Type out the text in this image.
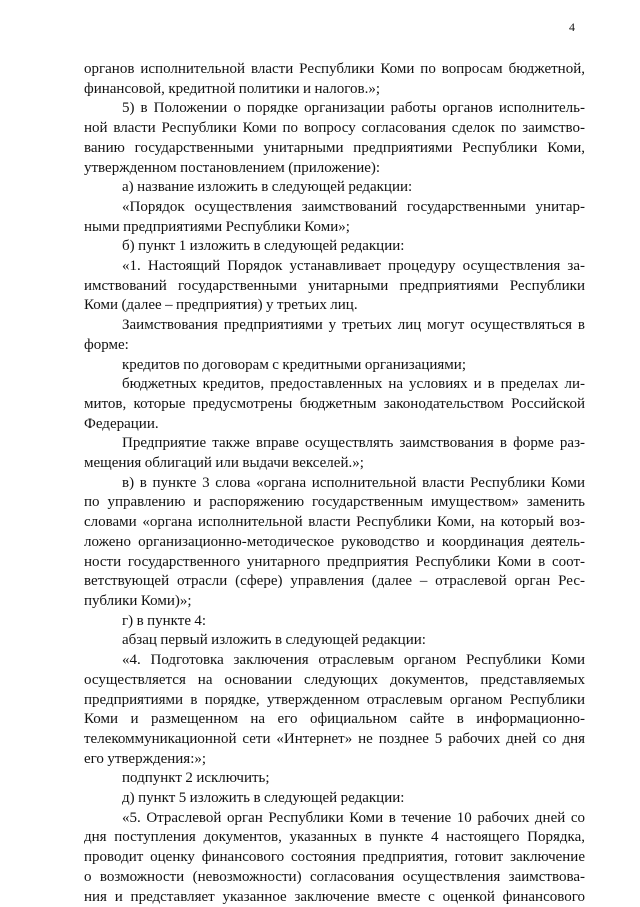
4

органов исполнительной власти Республики Коми по вопросам бюджетной,

финансовой, кредитной политики и налогов.»;

5) в Положении о порядке организации работы органов исполнитель-

ной власти Республики Коми по вопросу согласования сделок по заимство-

ванию государственными унитарными предприятиями Республики Коми,

утвержденном постановлением (приложение):

а) название изложить в следующей редакции:

«Порядок осуществления заимствований государственными унитар-

ными предприятиями Республики Коми»;

б) пункт 1 изложить в следующей редакции:

«1. Настоящий Порядок устанавливает процедуру осуществления за-

имствований государственными унитарными предприятиями Республики

Коми (далее – предприятия) у третьих лиц.

Заимствования предприятиями у третьих лиц могут осуществляться в

форме:

кредитов по договорам с кредитными организациями;

бюджетных кредитов, предоставленных на условиях и в пределах ли-

митов, которые предусмотрены бюджетным законодательством Российской

Федерации.

Предприятие также вправе осуществлять заимствования в форме раз-

мещения облигаций или выдачи векселей.»;

в) в пункте 3 слова «органа исполнительной власти Республики Коми

по управлению и распоряжению государственным имуществом» заменить

словами «органа исполнительной власти Республики Коми, на который воз-

ложено организационно-методическое руководство и координация деятель-

ности государственного унитарного предприятия Республики Коми в соот-

ветствующей отрасли (сфере) управления (далее – отраслевой орган Рес-

публики Коми)»;

г) в пункте 4:

абзац первый изложить в следующей редакции:

«4. Подготовка заключения отраслевым органом Республики Коми

осуществляется на основании следующих документов, представляемых

предприятиями в порядке, утвержденном отраслевым органом Республики

Коми и размещенном на его официальном сайте в информационно-

телекоммуникационной сети «Интернет» не позднее 5 рабочих дней со дня

его утверждения:»;

подпункт 2 исключить;

д) пункт 5 изложить в следующей редакции:

«5. Отраслевой орган Республики Коми в течение 10 рабочих дней со

дня поступления документов, указанных в пункте 4 настоящего Порядка,

проводит оценку финансового состояния предприятия, готовит заключение

о возможности (невозможности) согласования осуществления заимствова-

ния и представляет указанное заключение вместе с оценкой финансового
